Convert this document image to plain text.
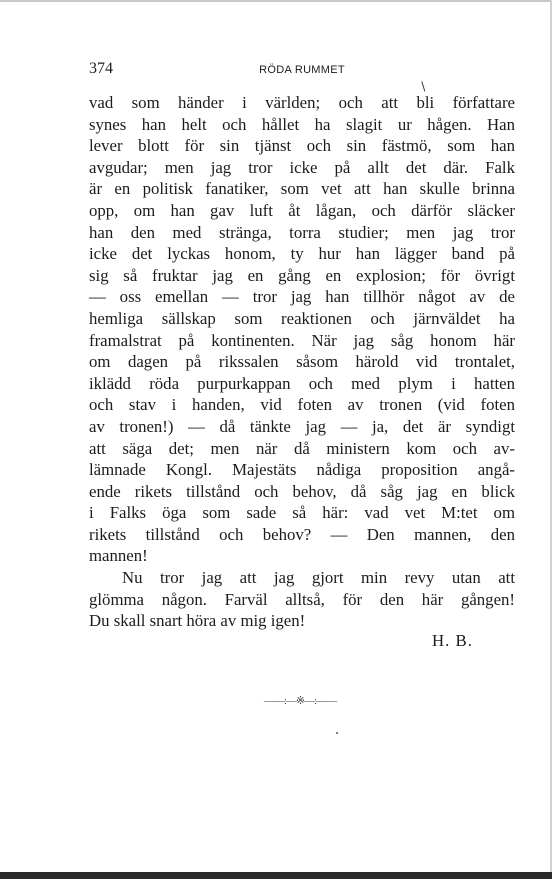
374	RÖDA RUMMET
∖
vad som händer i världen; och att bli författare
synes han helt och hållet ha slagit ur hågen. Han
lever blott för sin tjänst och sin fästmö, som han
avgudar; men jag tror icke på allt det där. Falk
är en politisk fanatiker, som vet att han skulle brinna
opp, om han gav luft åt lågan, och därför släcker
han den med stränga, torra studier; men jag tror
icke det lyckas honom, ty hur han lägger band på
sig så fruktar jag en gång en explosion; för övrigt
— oss emellan — tror jag han tillhör något av de
hemliga sällskap som reaktionen och järnväldet ha
framalstrat på kontinenten. När jag såg honom här
om dagen på rikssalen såsom härold vid trontalet,
iklädd röda purpurkappan och med plym i hatten
och stav i handen, vid foten av tronen (vid foten
av tronen!) — då tänkte jag — ja, det är syndigt
att säga det; men när då ministern kom och av-
lämnade Kongl. Majestäts nådiga proposition angå-
ende rikets tillstånd och behov, då såg jag en blick
i Falks öga som sade så här: vad vet M:tet om
rikets tillstånd och behov? — Den mannen, den
mannen!
Nu tror jag att jag gjort min revy utan att
glömma någon. Farväl alltså, för den här gången!
Du skall snart höra av mig igen!
H. B.
——:—※—:——
